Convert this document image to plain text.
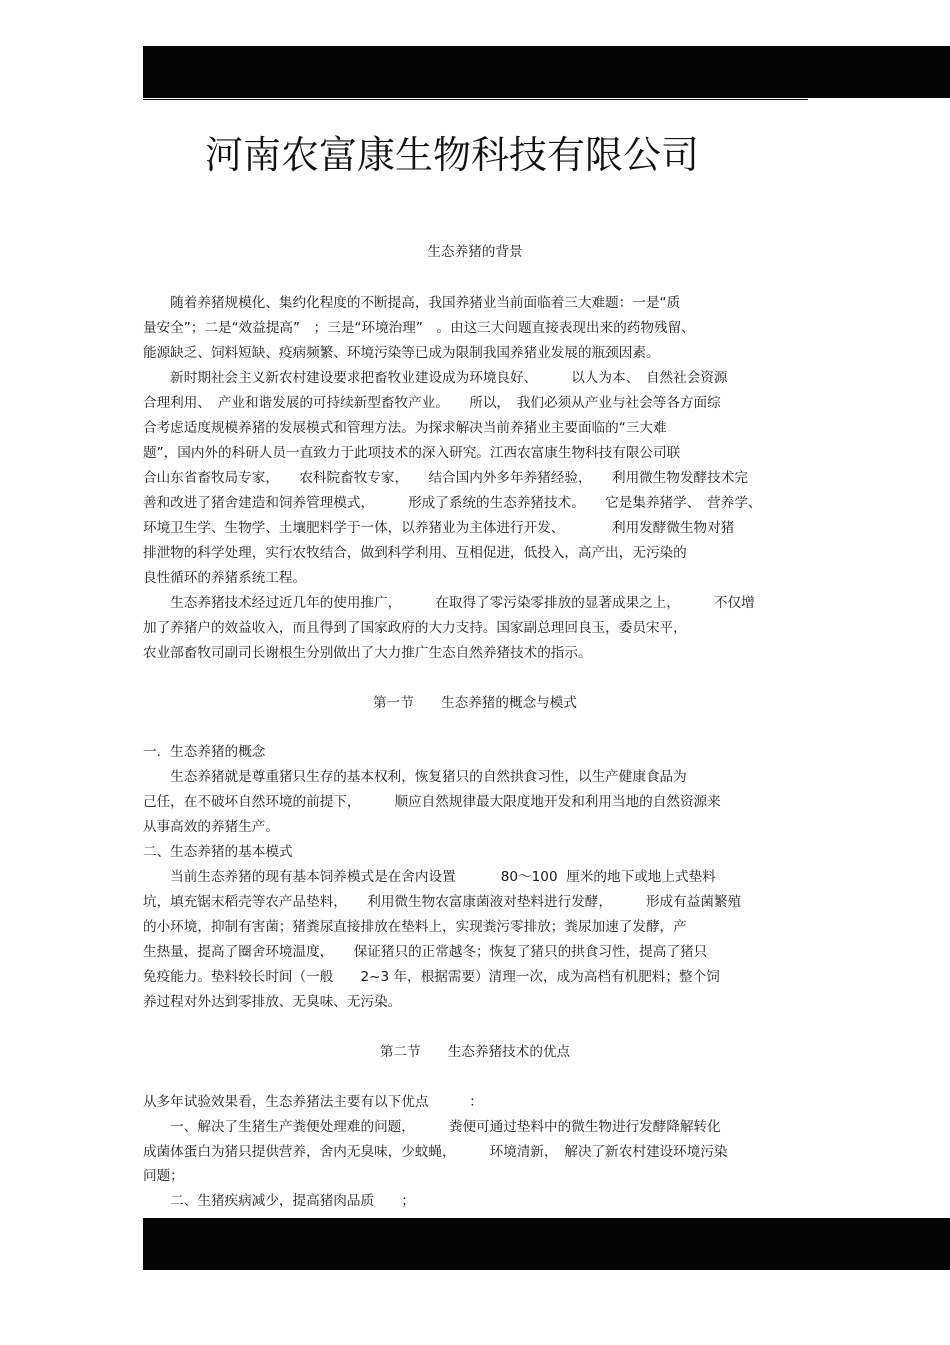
河南农富康生物科技有限公司
生态养猪的背景
　　随着养猪规模化、集约化程度的不断提高，我国养猪业当前面临着三大难题：一是“质
量安全”；二是“效益提高”　；三是“环境治理”　。由这三大问题直接表现出来的药物残留、
能源缺乏、饲料短缺、疫病频繁、环境污染等已成为限制我国养猪业发展的瓶颈因素。
　　新时期社会主义新农村建设要求把畜牧业建设成为环境良好、　　　以人为本、　自然社会资源
合理利用、　产业和谐发展的可持续新型畜牧产业。　　所以，　我们必须从产业与社会等各方面综
合考虑适度规模养猪的发展模式和管理方法。为探求解决当前养猪业主要面临的“三大难
题”，国内外的科研人员一直致力于此项技术的深入研究。江西农富康生物科技有限公司联
合山东省畜牧局专家，　　农科院畜牧专家，　　结合国内外多年养猪经验，　　利用微生物发酵技术完
善和改进了猪舍建造和饲养管理模式，　　　形成了系统的生态养猪技术。　　它是集养猪学、　营养学、
环境卫生学、生物学、土壤肥料学于一体，以养猪业为主体进行开发、　　　　利用发酵微生物对猪
排泄物的科学处理，实行农牧结合，做到科学利用、互相促进，低投入，高产出，无污染的
良性循环的养猪系统工程。
　　生态养猪技术经过近几年的使用推广，　　　在取得了零污染零排放的显著成果之上，　　　不仅增
加了养猪户的效益收入，而且得到了国家政府的大力支持。国家副总理回良玉，委员宋平，
农业部畜牧司副司长谢根生分别做出了大力推广生态自然养猪技术的指示。
第一节　　生态养猪的概念与模式
一．生态养猪的概念
　　生态养猪就是尊重猪只生存的基本权利，恢复猪只的自然拱食习性，以生产健康食品为
己任，在不破坏自然环境的前提下，　　　顺应自然规律最大限度地开发和利用当地的自然资源来
从事高效的养猪生产。
二、生态养猪的基本模式
　　当前生态养猪的现有基本饲养模式是在舍内设置　　　 80～100  厘米的地下或地上式垫料
坑，填充锯末稻壳等农产品垫料，　　利用微生物农富康菌液对垫料进行发酵，　　　形成有益菌繁殖
的小环境，抑制有害菌；猪粪尿直接排放在垫料上，实现粪污零排放；粪尿加速了发酵，产
生热量，提高了圈舍环境温度，　　保证猪只的正常越冬；恢复了猪只的拱食习性，提高了猪只
免疫能力。垫料较长时间（一般　　2~3 年，根据需要）清理一次，成为高档有机肥料；整个饲
养过程对外达到零排放、无臭味、无污染。
第二节　　生态养猪技术的优点
从多年试验效果看，生态养猪法主要有以下优点　　　：
　　一、解决了生猪生产粪便处理难的问题，　　　粪便可通过垫料中的微生物进行发酵降解转化
成菌体蛋白为猪只提供营养，舍内无臭味，少蚊蝇，　　　环境清新，　解决了新农村建设环境污染
问题；
　　二、生猪疾病减少，提高猪肉品质　　；
